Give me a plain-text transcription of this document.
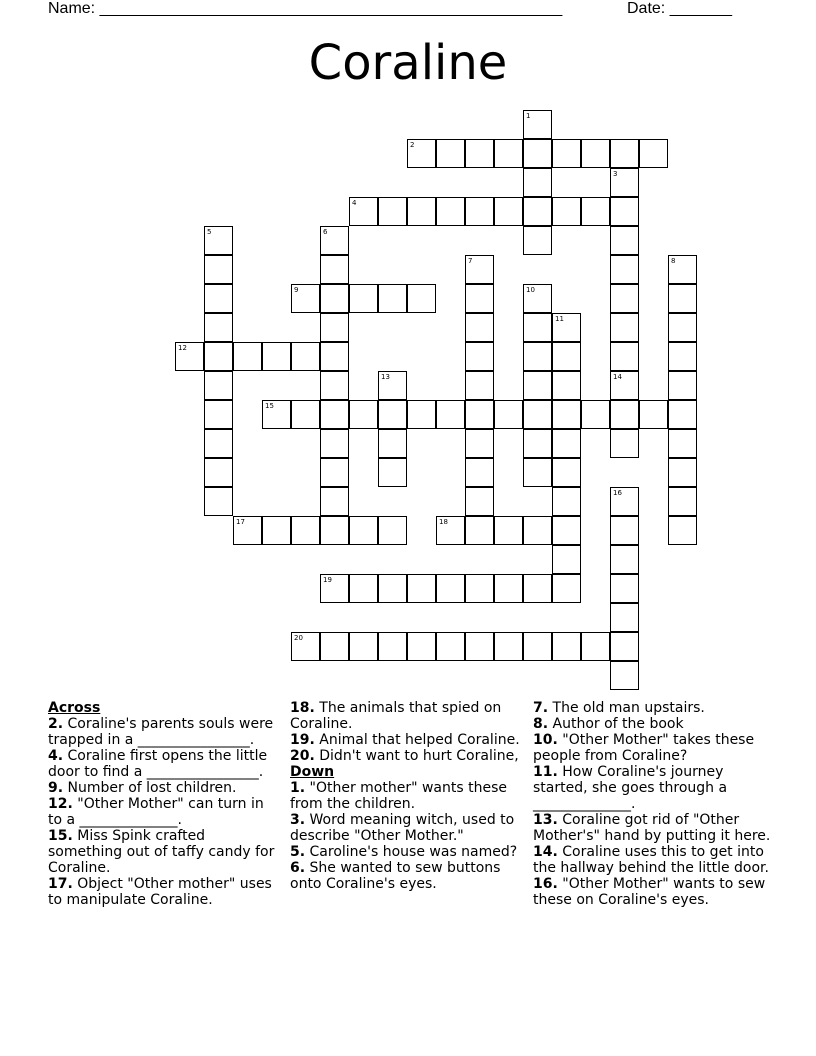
Name: ____________________________________________________	Date: _______
Coraline
1
2
3
4
5	6
7	8
9	10
11
12
13	14
15
16
17	18
19
20
Across
2. Coraline's parents souls were trapped in a ________________.
4. Coraline first opens the little door to find a ________________.
9. Number of lost children.
12. "Other Mother" can turn in to a ______________.
15. Miss Spink crafted something out of taffy candy for Coraline.
17. Object "Other mother" uses to manipulate Coraline.
18. The animals that spied on Coraline.
19. Animal that helped Coraline.
20. Didn't want to hurt Coraline,
Down
1. "Other mother" wants these from the children.
3. Word meaning witch, used to describe "Other Mother."
5. Caroline's house was named?
6. She wanted to sew buttons onto Coraline's eyes.
7. The old man upstairs.
8. Author of the book
10. "Other Mother" takes these people from Coraline?
11. How Coraline's journey started, she goes through a ______________.
13. Coraline got rid of "Other Mother's" hand by putting it here.
14. Coraline uses this to get into the hallway behind the little door.
16. "Other Mother" wants to sew these on Coraline's eyes.
